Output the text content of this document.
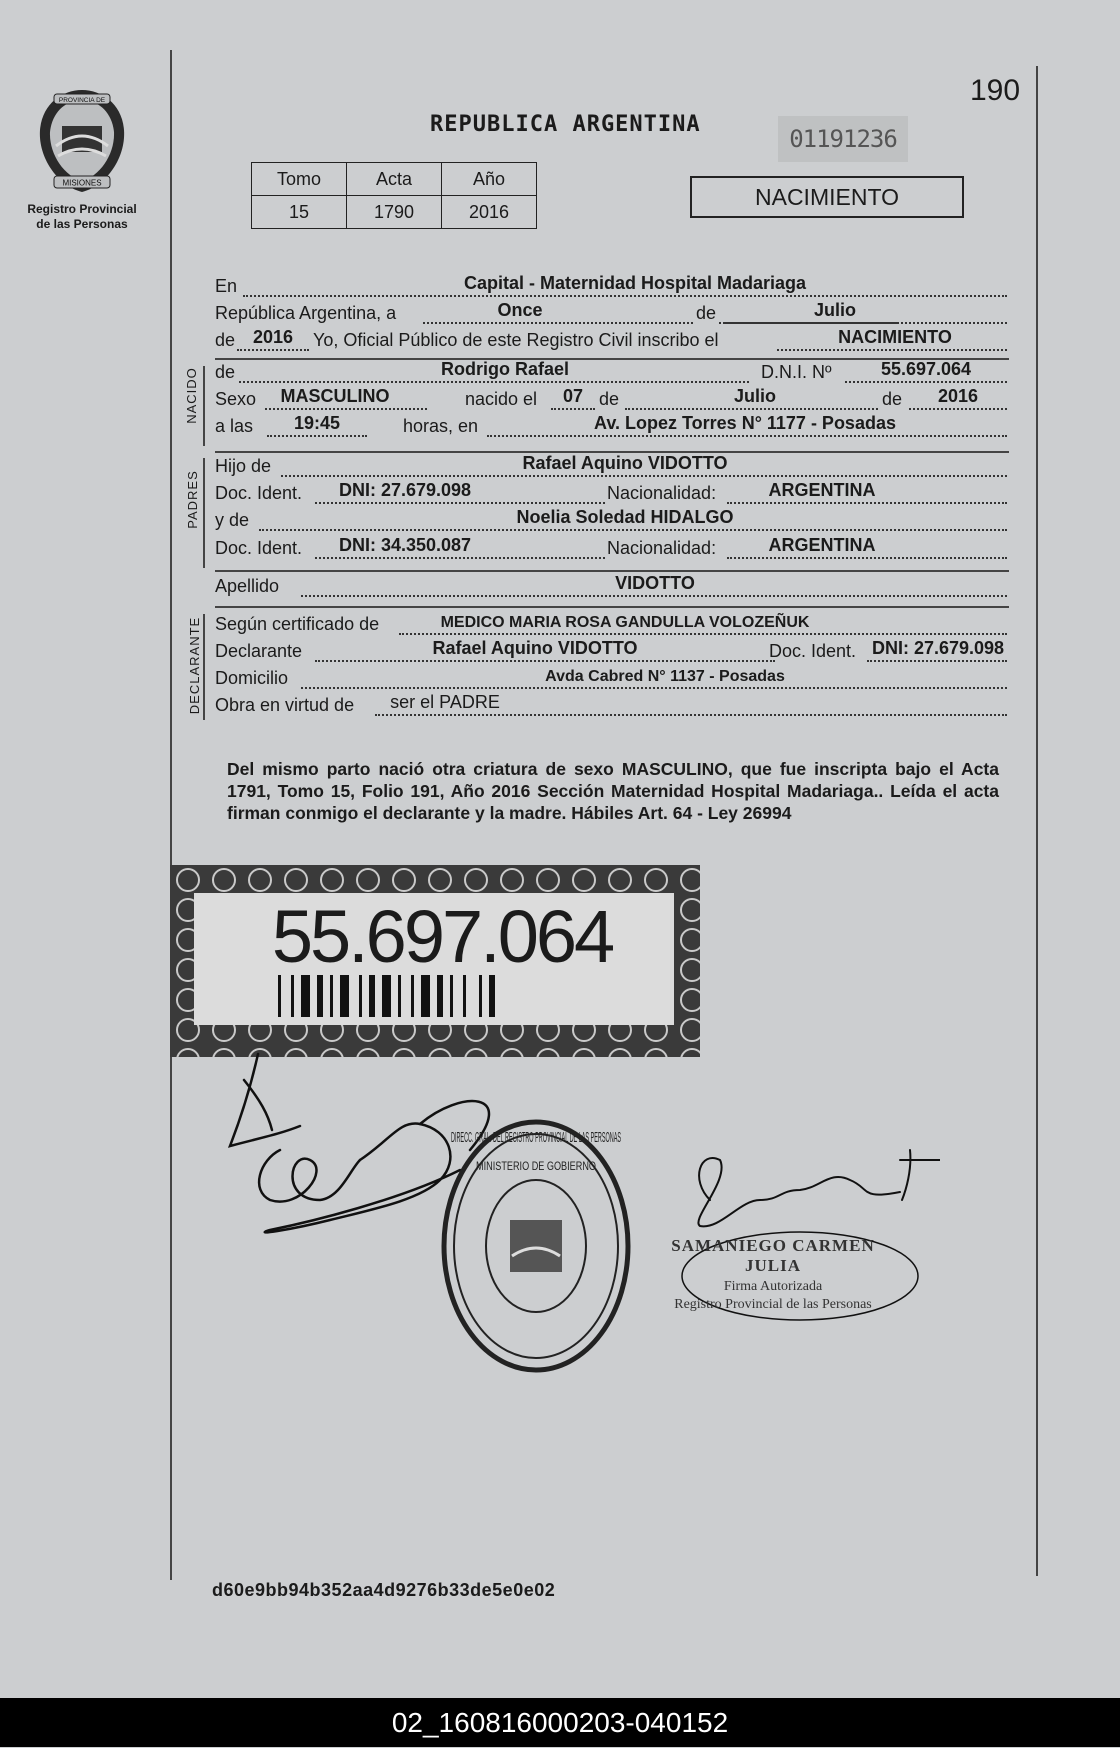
PROVINCIA DE
MISIONES
Registro Provincial
de las Personas
190
REPUBLICA ARGENTINA
01191236
Tomo	Acta	Año
15	1790	2016
NACIMIENTO
En	Capital - Maternidad Hospital Madariaga
República Argentina, a	Once	de	Julio
de 2016	Yo, Oficial Público de este Registro Civil inscribo el	NACIMIENTO
NACIDO de	Rodrigo Rafael	D.N.I. Nº	55.697.064
Sexo	MASCULINO	nacido el	07 de	Julio	de	2016
a las	19:45	horas, en	Av. Lopez Torres N° 1177 - Posadas
PADRES
Hijo de	Rafael Aquino VIDOTTO
Doc. Ident.	DNI: 27.679.098	Nacionalidad:	ARGENTINA
y de	Noelia Soledad HIDALGO
Doc. Ident.	DNI: 34.350.087	Nacionalidad:	ARGENTINA
Apellido	VIDOTTO
DECLARANTE Según certificado de	MEDICO MARIA ROSA GANDULLA VOLOZEÑUK
Declarante	Rafael Aquino VIDOTTO	Doc. Ident. DNI: 27.679.098
Domicilio	Avda Cabred N° 1137 - Posadas
Obra en virtud de	ser el PADRE
Del mismo parto nació otra criatura de sexo MASCULINO, que fue inscripta bajo el Acta 1791, Tomo 15, Folio 191, Año 2016 Sección Maternidad Hospital Madariaga.. Leída el acta firman conmigo el declarante y la madre. Hábiles Art. 64 - Ley 26994
55.697.064
DIRECC. GRAL. DEL REGISTRO PROVINCIAL DE LAS PERSONAS
MINISTERIO DE GOBIERNO
SAMANIEGO CARMEN JULIA
Firma Autorizada
Registro Provincial de las Personas
d60e9bb94b352aa4d9276b33de5e0e02
02_160816000203-040152
